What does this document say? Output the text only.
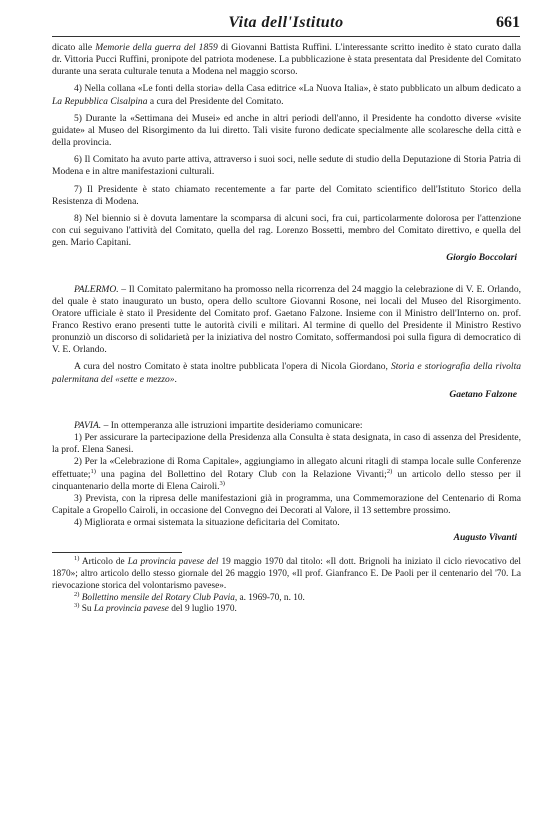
Vita dell'Istituto	661

dicato alle Memorie della guerra del 1859 di Giovanni Battista Ruffini. L'interessante scritto inedito è stato curato dalla dr. Vittoria Pucci Ruffini, pronipote del patriota modenese. La pubblicazione è stata presentata dal Presidente del Comitato durante una serata culturale tenuta a Modena nel maggio scorso.

4) Nella collana «Le fonti della storia» della Casa editrice «La Nuova Italia», è stato pubblicato un album dedicato a La Repubblica Cisalpina a cura del Presidente del Comitato.

5) Durante la «Settimana dei Musei» ed anche in altri periodi dell'anno, il Presidente ha condotto diverse «visite guidate» al Museo del Risorgimento da lui diretto. Tali visite furono dedicate specialmente alle scolaresche della città e della provincia.

6) Il Comitato ha avuto parte attiva, attraverso i suoi soci, nelle sedute di studio della Deputazione di Storia Patria di Modena e in altre manifestazioni culturali.

7) Il Presidente è stato chiamato recentemente a far parte del Comitato scientifico dell'Istituto Storico della Resistenza di Modena.

8) Nel biennio si è dovuta lamentare la scomparsa di alcuni soci, fra cui, particolarmente dolorosa per l'attenzione con cui seguivano l'attività del Comitato, quella del rag. Lorenzo Bossetti, membro del Comitato direttivo, e quella del gen. Mario Capitani.

Giorgio Boccolari

PALERMO. – Il Comitato palermitano ha promosso nella ricorrenza del 24 maggio la celebrazione di V. E. Orlando, del quale è stato inaugurato un busto, opera dello scultore Giovanni Rosone, nei locali del Museo del Risorgimento. Oratore ufficiale è stato il Presidente del Comitato prof. Gaetano Falzone. Insieme con il Ministro dell'Interno on. prof. Franco Restivo erano presenti tutte le autorità civili e militari. Al termine di quello del Presidente il Ministro Restivo pronunziò un discorso di solidarietà per la iniziativa del nostro Comitato, soffermandosi poi sulla figura di democratico di V. E. Orlando.

A cura del nostro Comitato è stata inoltre pubblicata l'opera di Nicola Giordano, Storia e storiografia della rivolta palermitana del «sette e mezzo».

Gaetano Falzone

PAVIA. – In ottemperanza alle istruzioni impartite desideriamo comunicare:

1) Per assicurare la partecipazione della Presidenza alla Consulta è stata designata, in caso di assenza del Presidente, la prof. Elena Sanesi.

2) Per la «Celebrazione di Roma Capitale», aggiungiamo in allegato alcuni ritagli di stampa locale sulle Conferenze effettuate;$^{1)}$ una pagina del Bollettino del Rotary Club con la Relazione Vivanti;$^{2)}$ un articolo dello stesso per il cinquantenario della morte di Elena Cairoli.$^{3)}$

3) Prevista, con la ripresa delle manifestazioni già in programma, una Commemorazione del Centenario di Roma Capitale a Gropello Cairoli, in occasione del Convegno dei Decorati al Valore, il 13 settembre prossimo.

4) Migliorata e ormai sistemata la situazione deficitaria del Comitato.

Augusto Vivanti

$^{1)}$ Articolo de La provincia pavese del 19 maggio 1970 dal titolo: «Il dott. Brignoli ha iniziato il ciclo rievocativo del 1870»; altro articolo dello stesso giornale del 26 maggio 1970, «Il prof. Gianfranco E. De Paoli per il centenario del '70. La rievocazione storica del volontarismo pavese».

$^{2)}$ Bollettino mensile del Rotary Club Pavia, a. 1969-70, n. 10.

$^{3)}$ Su La provincia pavese del 9 luglio 1970.
